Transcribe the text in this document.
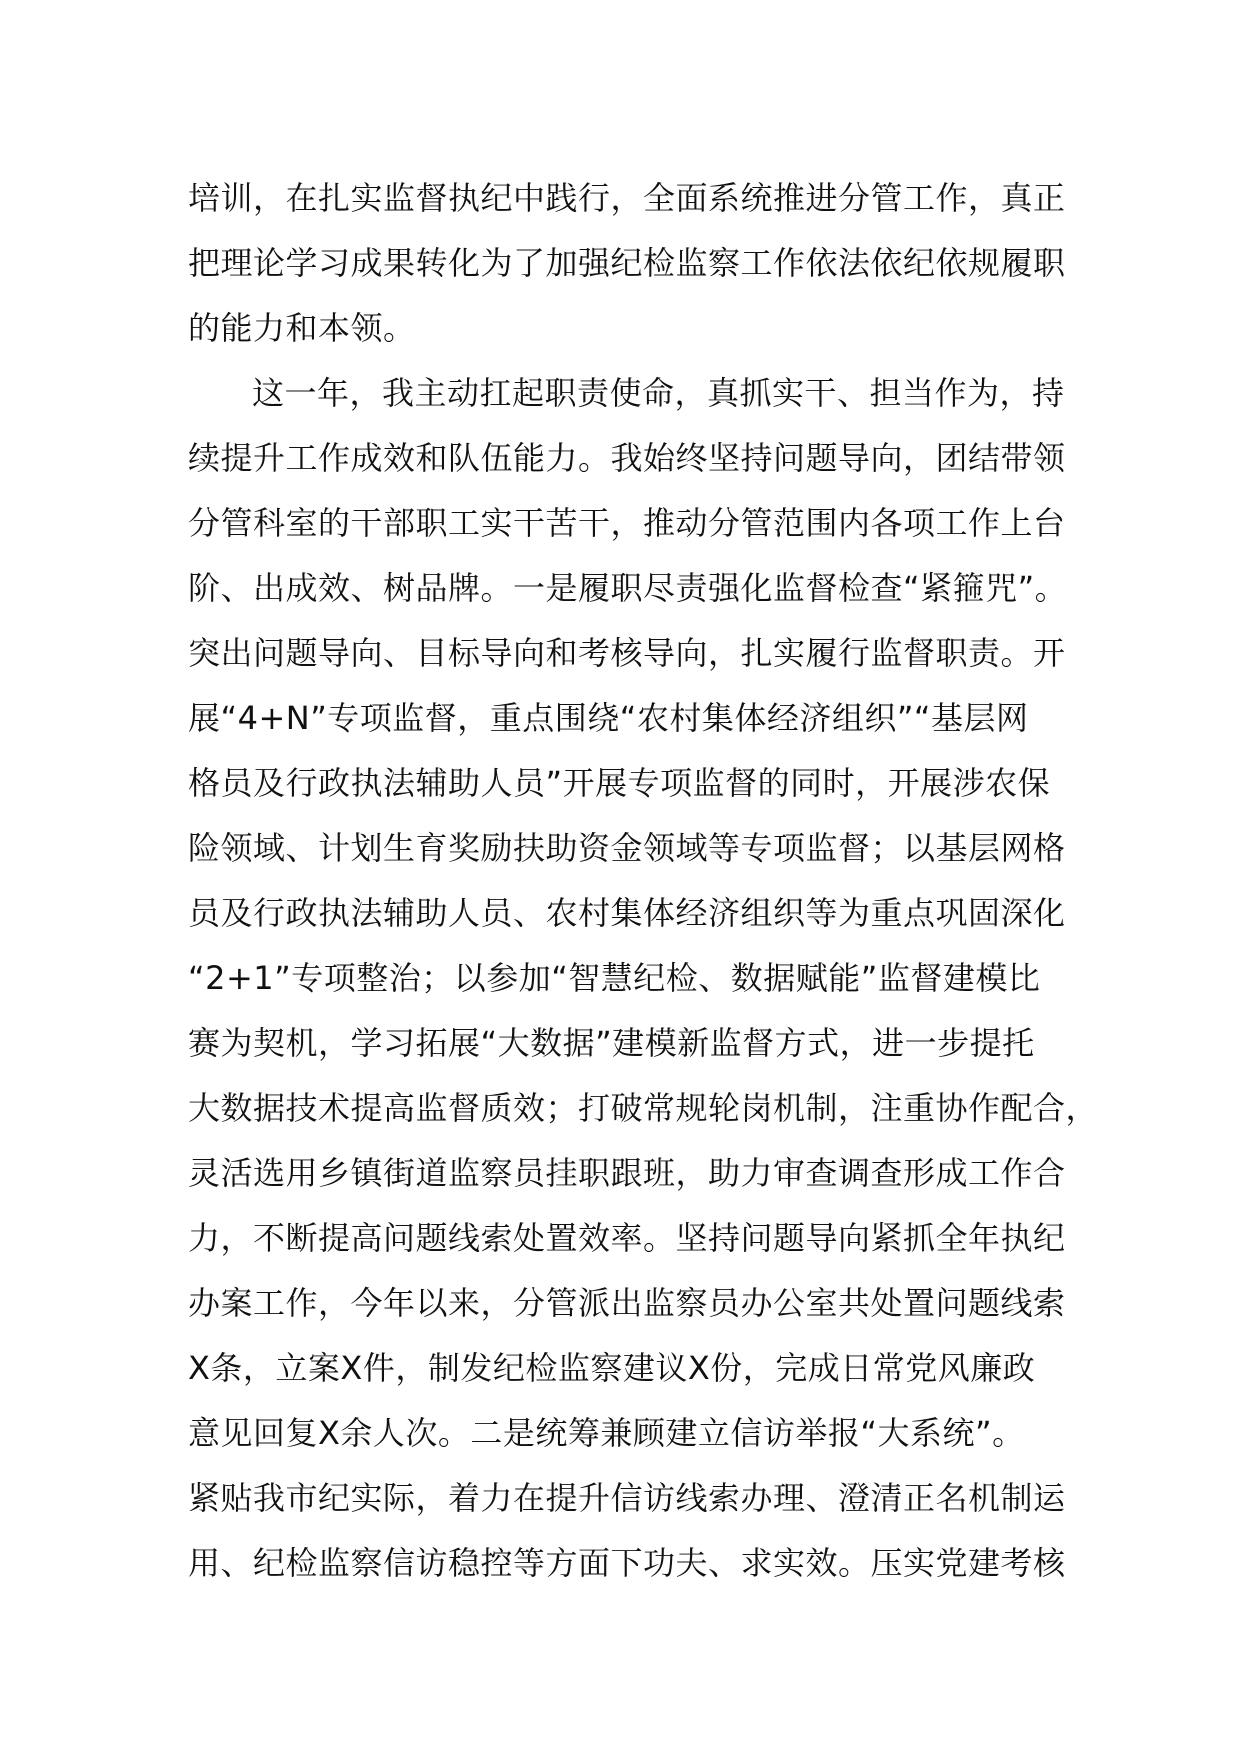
培训，在扎实监督执纪中践行，全面系统推进分管工作，真正
把理论学习成果转化为了加强纪检监察工作依法依纪依规履职
的能力和本领。
这一年，我主动扛起职责使命，真抓实干、担当作为，持
续提升工作成效和队伍能力。我始终坚持问题导向，团结带领
分管科室的干部职工实干苦干，推动分管范围内各项工作上台
阶、出成效、树品牌。一是履职尽责强化监督检查“紧箍咒”。
突出问题导向、目标导向和考核导向，扎实履行监督职责。开
展“4+N”专项监督，重点围绕“农村集体经济组织”“基层网
格员及行政执法辅助人员”开展专项监督的同时，开展涉农保
险领域、计划生育奖励扶助资金领域等专项监督；以基层网格
员及行政执法辅助人员、农村集体经济组织等为重点巩固深化
“2+1”专项整治；以参加“智慧纪检、数据赋能”监督建模比
赛为契机，学习拓展“大数据”建模新监督方式，进一步提托
大数据技术提高监督质效；打破常规轮岗机制，注重协作配合，
灵活选用乡镇街道监察员挂职跟班，助力审查调查形成工作合
力，不断提高问题线索处置效率。坚持问题导向紧抓全年执纪
办案工作，今年以来，分管派出监察员办公室共处置问题线索
X条，立案X件，制发纪检监察建议X份，完成日常党风廉政
意见回复X余人次。二是统筹兼顾建立信访举报“大系统”。
紧贴我市纪实际，着力在提升信访线索办理、澄清正名机制运
用、纪检监察信访稳控等方面下功夫、求实效。压实党建考核
